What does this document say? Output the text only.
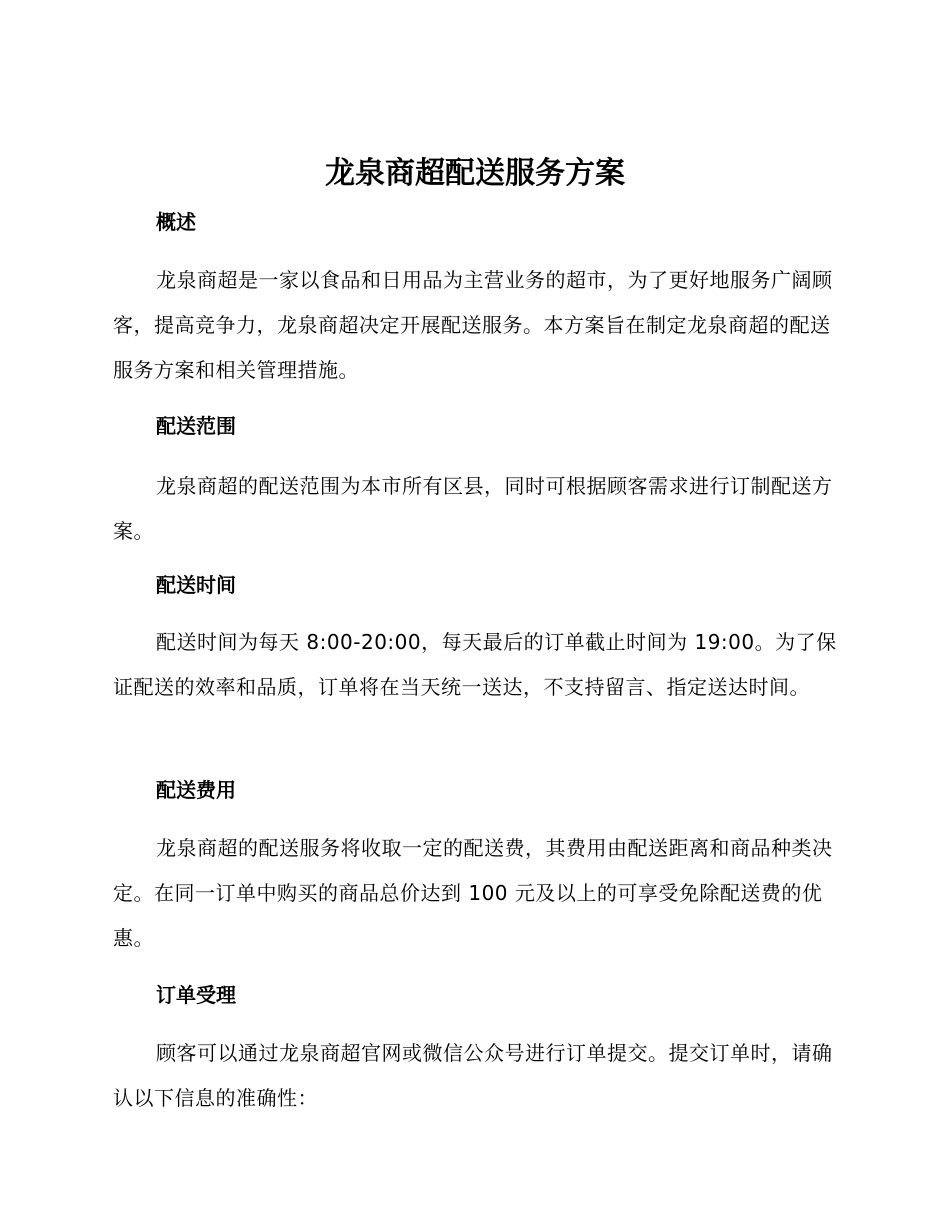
龙泉商超配送服务方案
概述

龙泉商超是一家以食品和日用品为主营业务的超市，为了更好地服务广阔顾客，提高竞争力，龙泉商超决定开展配送服务。本方案旨在制定龙泉商超的配送服务方案和相关管理措施。

配送范围

龙泉商超的配送范围为本市所有区县，同时可根据顾客需求进行订制配送方案。

配送时间

配送时间为每天 8:00-20:00，每天最后的订单截止时间为 19:00。为了保证配送的效率和品质，订单将在当天统一送达，不支持留言、指定送达时间。

配送费用

龙泉商超的配送服务将收取一定的配送费，其费用由配送距离和商品种类决定。在同一订单中购买的商品总价达到 100 元及以上的可享受免除配送费的优惠。

订单受理

顾客可以通过龙泉商超官网或微信公众号进行订单提交。提交订单时，请确认以下信息的准确性：
